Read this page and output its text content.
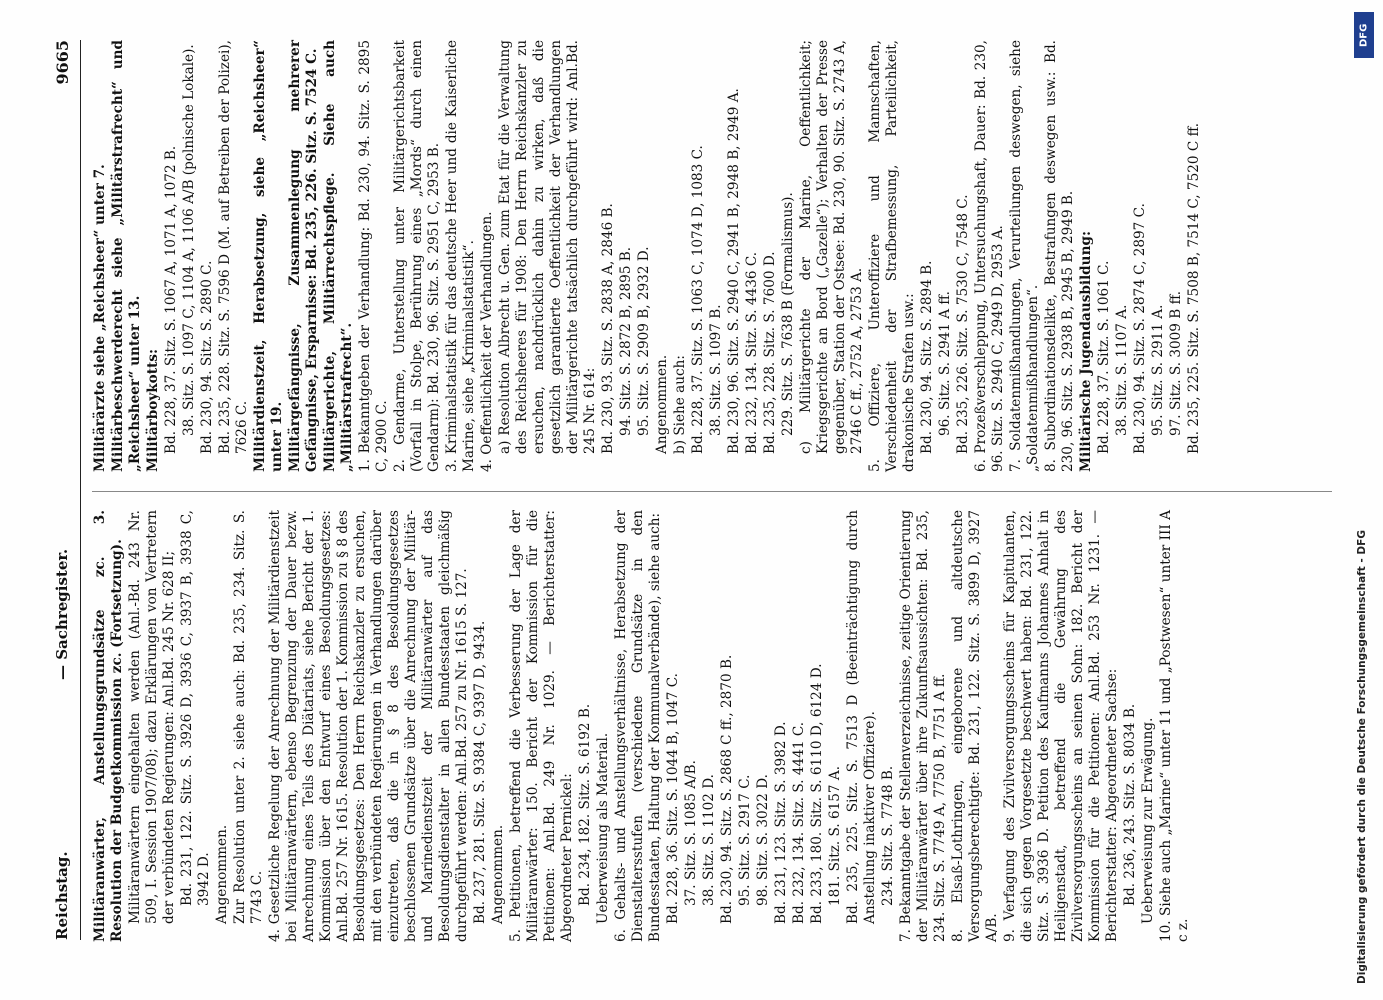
Reichstag.
— Sachregister.
9665
Militäranwärter, Anstellungsgrundsätze zc. 3. Resolution der Budgetkommission zc. (Fortsetzung). Militäranwärtern eingehalten werden (Anl.-Bd. 243 Nr. 509, I. Session 1907/08); dazu Erklärungen von Vertretern der verbündeten Regierungen: Anl.Bd. 245 Nr. 628 II; Bd. 231, 122. Sitz. S. 3926 D, 3936 C, 3937 B, 3938 C, 3942 D. Angenommen. Zur Resolution unter 2. siehe auch: Bd. 235, 234. Sitz. S. 7743 C. 4. Gesetzliche Regelung der Anrechnung der Militärdienstzeit bei Militäranwärtern, ebenso Begrenzung der Dauer bezw. Anrechnung eines Teils des Diätariats, siehe Bericht der 1. Kommission über den Entwurf eines Besoldungsgesetzes: Anl.Bd. 257 Nr. 1615. Resolution der 1. Kommission zu § 8 des Besoldungsgesetzes: Den Herrn Reichskanzler zu ersuchen, mit den verbündeten Regierungen in Verhandlungen darüber einzutreten, daß die in § 8 des Besoldungsgesetzes beschlossenen Grundsätze über die Anrechnung der Militär- und Marinedienstzeit der Militäranwärter auf das Besoldungsdienstalter in allen Bundesstaaten gleichmäßig durchgeführt werden: Anl.Bd. 257 zu Nr. 1615 S. 127. Bd. 237, 281. Sitz. S. 9384 C, 9397 D, 9434. Angenommen. 5. Petitionen, betreffend die Verbesserung der Lage der Militäranwärter: 150. Bericht der Kommission für die Petitionen: Anl.Bd. 249 Nr. 1029. — Berichterstatter: Abgeordneter Pernickel: Bd. 234, 182. Sitz. S. 6192 B. Ueberweisung als Material. 6. Gehalts- und Anstellungsverhältnisse, Herabsetzung der Dienstaltersstufen (verschiedene Grundsätze in den Bundesstaaten, Haltung der Kommunalverbände), siehe auch: Bd. 228, 36. Sitz. S. 1044 B, 1047 C. 37. Sitz. S. 1085 A/B. 38. Sitz. S. 1102 D. Bd. 230, 94. Sitz. S. 2868 C ff., 2870 B. 95. Sitz. S. 2917 C. 98. Sitz. S. 3022 D. Bd. 231, 123. Sitz. S. 3982 D. Bd. 232, 134. Sitz. S. 4441 C. Bd. 233, 180. Sitz. S. 6110 D, 6124 D. 181. Sitz. S. 6157 A. Bd. 235, 225. Sitz. S. 7513 D (Beeinträchtigung durch Anstellung inaktiver Offiziere). 234. Sitz. S. 7748 B. 7. Bekanntgabe der Stellenverzeichnisse, zeitige Orientierung der Militäranwärter über ihre Zukunftsaussichten: Bd. 235, 234. Sitz. S. 7749 A, 7750 B, 7751 A ff. 8. Elsaß-Lothringen, eingeborene und altdeutsche Versorgungsberechtigte: Bd. 231, 122. Sitz. S. 3899 D, 3927 A/B. 9. Verfagung des Zivilversorgungsscheins für Kapitulanten, die sich gegen Vorgesetzte beschwert haben: Bd. 231, 122. Sitz. S. 3936 D. Petition des Kaufmanns Johannes Anhalt in Heiligenstadt, betreffend die Gewährung des Zivilversorgungsscheins an seinen Sohn: 182. Bericht der Kommission für die Petitionen: Anl.Bd. 253 Nr. 1231. — Berichterstatter: Abgeordneter Sachse: Bd. 236, 243. Sitz. S. 8034 B. Ueberweisung zur Erwägung. 10. Siehe auch „Marine“ unter 11 und „Postwesen“ unter III A c z.
Militärärzte siehe „Reichsheer“ unter 7. Militärbeschwerderecht siehe „Militärstrafrecht“ und „Reichsheer“ unter 13. Militärboykotts: Bd. 228, 37. Sitz. S. 1067 A, 1071 A, 1072 B. 38. Sitz. S. 1097 C, 1104 A, 1106 A/B (polnische Lokale). Bd. 230, 94. Sitz. S. 2890 C. Bd. 235, 228. Sitz. S. 7596 D (M. auf Betreiben der Polizei), 7626 C. Militärdienstzeit, Herabsetzung, siehe „Reichsheer“ unter 19. Militärgefängnisse, Zusammenlegung mehrerer Gefängnisse, Ersparnisse: Bd. 235, 226. Sitz. S. 7524 C. Militärgerichte, Militärrechtspflege. Siehe auch „Militärstrafrecht“. 1. Bekanntgeben der Verhandlung: Bd. 230, 94. Sitz. S. 2895 C, 2900 C. 2. Gendarme, Unterstellung unter Militärgerichtsbarkeit (Vorfall in Stolpe, Berührung eines „Mords“ durch einen Gendarm): Bd. 230, 96. Sitz. S. 2951 C, 2953 B. 3. Kriminalstatistik für das deutsche Heer und die Kaiserliche Marine, siehe „Kriminalstatistik“. 4. Oeffentlichkeit der Verhandlungen. a) Resolution Albrecht u. Gen. zum Etat für die Verwaltung des Reichsheeres für 1908: Den Herrn Reichskanzler zu ersuchen, nachdrücklich dahin zu wirken, daß die gesetzlich garantierte Oeffentlichkeit der Verhandlungen der Militärgerichte tatsächlich durchgeführt wird: Anl.Bd. 245 Nr. 614: Bd. 230, 93. Sitz. S. 2838 A, 2846 B. 94. Sitz. S. 2872 B, 2895 B. 95. Sitz. S. 2909 B, 2932 D. Angenommen. b) Siehe auch: Bd. 228, 37. Sitz. S. 1063 C, 1074 D, 1083 C. 38. Sitz. S. 1097 B. Bd. 230, 96. Sitz. S. 2940 C, 2941 B, 2948 B, 2949 A. Bd. 232, 134. Sitz. S. 4436 C. Bd. 235, 228. Sitz. S. 7600 D. 229. Sitz. S. 7638 B (Formalismus). c) Militärgerichte der Marine, Oeffentlichkeit; Kriegsgerichte an Bord („Gazelle“); Verhalten der Presse gegenüber, Station der Ostsee: Bd. 230, 90. Sitz. S. 2743 A, 2746 C ff., 2752 A, 2753 A. 5. Offiziere, Unteroffiziere und Mannschaften, Verschiedenheit der Strafbemessung, Parteilichkeit, drakonische Strafen usw.: Bd. 230, 94. Sitz. S. 2894 B. 96. Sitz. S. 2941 A ff. Bd. 235, 226. Sitz. S. 7530 C, 7548 C. 6. Prozeßverschleppung, Untersuchungshaft, Dauer: Bd. 230, 96. Sitz. S. 2940 C, 2949 D, 2953 A. 7. Soldatenmißhandlungen, Verurteilungen deswegen, siehe „Soldatenmißhandlungen“. 8. Subordinationsdelikte, Bestrafungen deswegen usw.: Bd. 230, 96. Sitz. S. 2938 B, 2945 B, 2949 B. Militärische Jugendausbildung: Bd. 228, 37. Sitz. S. 1061 C. 38. Sitz. S. 1107 A. Bd. 230, 94. Sitz. S. 2874 C, 2897 C. 95. Sitz. S. 2911 A. 97. Sitz. S. 3009 B ff. Bd. 235, 225. Sitz. S. 7508 B, 7514 C, 7520 C ff.
DFG
Digitalisierung gefördert durch die Deutsche Forschungsgemeinschaft - DFG
